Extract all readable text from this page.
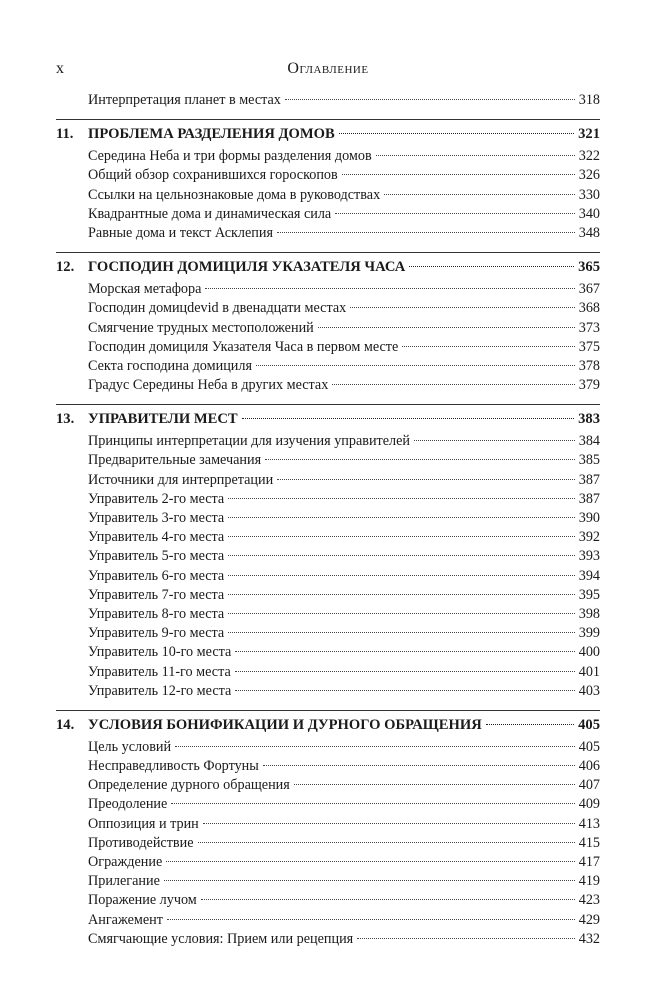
x	Оглавление
Интерпретация планет в местах	318
11. ПРОБЛЕМА РАЗДЕЛЕНИЯ ДОМОВ	321
Середина Неба и три формы разделения домов	322
Общий обзор сохранившихся гороскопов	326
Ссылки на цельнознаковые дома в руководствах	330
Квадрантные дома и динамическая сила	340
Равные дома и текст Асклепия	348
12. ГОСПОДИН ДОМИЦИЛЯ УКАЗАТЕЛЯ ЧАСА	365
Морская метафора	367
Господин домицdevid в двенадцати местах	368
Смягчение трудных местоположений	373
Господин домициля Указателя Часа в первом месте	375
Секта господина домициля	378
Градус Середины Неба в других местах	379
13. УПРАВИТЕЛИ МЕСТ	383
Принципы интерпретации для изучения управителей	384
Предварительные замечания	385
Источники для интерпретации	387
Управитель 2-го места	387
Управитель 3-го места	390
Управитель 4-го места	392
Управитель 5-го места	393
Управитель 6-го места	394
Управитель 7-го места	395
Управитель 8-го места	398
Управитель 9-го места	399
Управитель 10-го места	400
Управитель 11-го места	401
Управитель 12-го места	403
14. УСЛОВИЯ БОНИФИКАЦИИ И ДУРНОГО ОБРАЩЕНИЯ	405
Цель условий	405
Несправедливость Фортуны	406
Определение дурного обращения	407
Преодоление	409
Оппозиция и трин	413
Противодействие	415
Ограждение	417
Прилегание	419
Поражение лучом	423
Ангажемент	429
Смягчающие условия: Прием или рецепция	432
